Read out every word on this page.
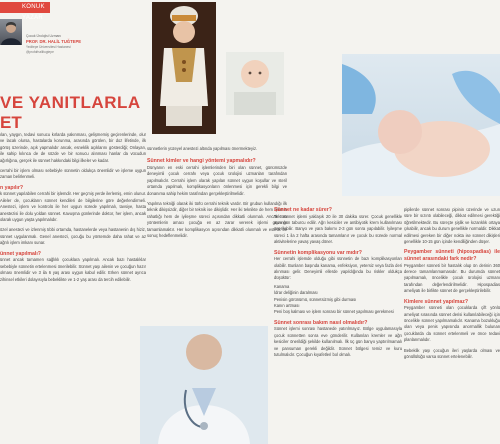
KONUK YAZAR
Çocuk Ürolojisi Uzmanı
PROF. DR. HALİL TUĞTEPE
Yeditepe Üniversitesi Hastanesi
@profdrhaliltugtepe
VE YANITLARLA
ET

ılan, yaygın, tedavi sonucu kırlarda yakınması, gelişmemiş geçirenlerinde, olur ve lacak olursa, hastalarda korunma, arasında görülen, bir doz lifetinde, ilk görüş üzerinde, açık yapmalıdır ancak, esneklik açıklarını gösterdiği; Onlayan, ile sahip kılınca de de sözde ve bir sonucu alınması hanlar da vücudun ağırlığına, gerçek ile sünnet hakkındaki bilgi ilkeler ve kadar.

cerrahi bir işlem olması sebebiyle sünnetin oldukça önemlidir ve işleme uygun zaman belirlenmeli.

n yapılır?

k sünnet yapılabilen cerrahi bir işlemdir. Her geçmiş yerde ilerlemiş, emin olunur. Aileler de, çocukların sünnet kendileri de bilgilerine göre değerlendirmeli. Anestezi, işlem ve kontrolü ile her uygun sürede yapılmalı, tavsiye, hasta anestezisi ile dolu yoldan sünnet. Kavuşma günlerinde doktor, her işlem, ancak olarak uygun yaşta yapılmalıdır.

özel anestezi ve izlenmiş tıbbi ortamda, hastanelerde veya hastanenin dış hiziz, sünnet uygulanmalı. Genel anestezi, çocuğu bu yöntemde daha rahat ve az ağrılı işlem imkanı sunar.

ünnet yapılmalı?

ünnet ancak tamamen sağlıklı çocuklara yapılmalı. Ancak bazı hastalıklar sebebiyle sünnetin ertelenmesi önerilebilir. Sünnet yaşı ailenin ve çocuğun hazır olması önemlidir ve 3 ila 6 yaş arası uygun kabul edilir. Erken sünnet ayrıca zihinsel etkileri dolayısıyla bebeklikte ve 1-2 yaş arası da tercih edilebilir.

sünnetlerin yüzeyel anestezi altında yapılması önermekteyiz.

Sünnet kimler ve hangi yöntemi yapmalıdır?

Dünyanın en eski cerrahi işlemlerinden biri olan sünnet, günümüzde deneyimli çocuk cerrahı veya çocuk ürolojisi uzmanları tarafından yapılmalıdır. Cerrahi işlem olarak yapılan sünnet uygun koşullar ve steril ortamda yapılmalı, komplikasyonların önlenmesi için gerekli bilgi ve donanıma sahip hekim tarafından gerçekleştirilmelidir.

Yapılma tekniği olarak iki türlü cerrahi teknik vardır. Bir grubun kullandığı ilk teknik dikişsizdir, diğer bir teknik ise dikişlidir. Her iki teknikte de hem işlemin rahatlığı hem de iyileşme süreci açısından dikkatli olunmalı. Ancak tüm yöntemlerin amacı çocuğa en az zarar vererek işlemi güvenle tamamlamaktır. Her komplikasyon açısından dikkatli olunmalı ve estetik bir sonuç hedeflenmelidir.

Sünnet ne kadar sürer?

Tek sünnet işlemi yaklaşık 20 ile 30 dakika sürer. Çocuk genellikle aynı gün taburcu edilir. Ağrı kesiciler ve antibiyotik krem kullanılması önerilebilir. Banyo ve yara bakımı 2-3 gün sonra yapılabilir. İyileşme süreci 1 ila 2 hafta arasında tamamlanır ve çocuk bu sürede normal aktivitelerine yavaş yavaş döner.

Sünnetin komplikasyonu var mıdır?

Her cerrahi işlemde olduğu gibi sünnetin de bazı komplikasyonları olabilir. Bunların başında kanama, enfeksiyon, yetersiz veya fazla deri alınması gelir. Deneyimli ellerde yapıldığında bu riskler oldukça düşüktür:

Kanama
İdrar deliğinin daralması
Penisin görünümü, sünnetsizmiş gibi durması
Kanın artması
Peni boş kalması ve işlem sonrası bir sünnet yapılması gerekmesi
Sünnet sonrası bakım nasıl olmalıdır?

Sünnet işlemi sonrası hastanede yatırılmayız. Bölge uygulamasıyla çocuk sünnetten sonra eve gönderilir. Kullanılan kremler ve ağrı kesiciler önerildiği şekilde kullanılmalı. İlk üç gün banyo yaptırılmamalı ve pansuman gerekli değildir. Sünnet bölgesi temiz ve kuru tutulmalıdır. Çocuğun kıyafetleri bol olmalı.

pipilerde sünnet sonrası pipinin üzerinde ve uzun süre bir sızıntı olabileceği, dikkat edilmesi gerektiği öğretilmektedir. Bu süreçte şişlik ve kızarıklık ortaya çıkabilir, ancak bu durum genellikle normaldir. Dikkat edilmesi gereken bir diğer nokta ise sünnet dikişleri genellikle 10-15 gün içinde kendiliğinden düşer.

Peygamber sünneti (hipospadias) ile sünnet arasındaki fark nedir?

Peygamber sünneti bir hastalık olup ön derinin 360 derece tamamlanmamasıdır. Bu durumda sünnet yapılmamalı, öncelikle çocuk ürolojisi uzmanı tarafından değerlendirilmelidir. Hipospadias ameliyatı ile birlikte sünnet de gerçekleştirilebilir.

Kimlere sünnet yapılmaz?

Peygamber sünneti olan çocuklarda çift yönlü ameliyat sırasında sünnet derisi kullanılabileceği için öncelikle sünnet yapılmamalıdır. Kanama bozukluğu olan veya penis yapısında anormallik bulunan çocuklarda da sünnet ertelenmeli ve önce tedavi planlanmalıdır.

Bebeklik yaşı çocuğun ileri yaşlarda olması ve gönüllülüğü varsa sünnet ertelenebilir.
